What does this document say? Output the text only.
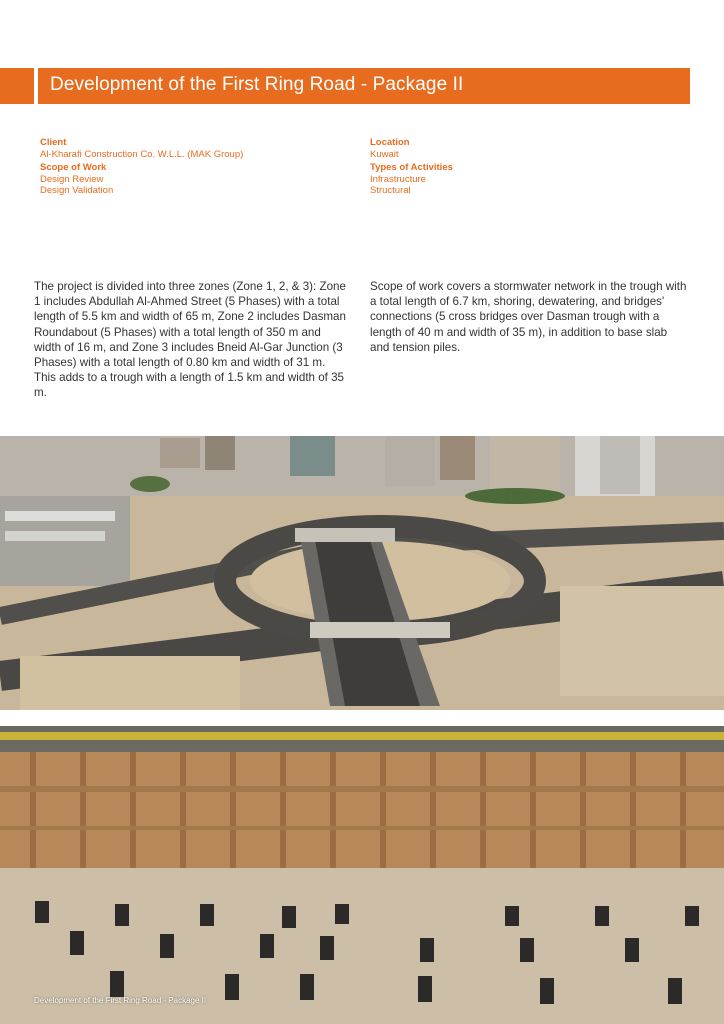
Development of the First Ring Road - Package II
Client
Al-Kharafi Construction Co. W.L.L. (MAK Group)
Scope of Work
Design Review
Design Validation
Location
Kuwait
Types of Activities
Infrastructure
Structural
The project is divided into three zones (Zone 1, 2, & 3): Zone 1 includes Abdullah Al-Ahmed Street (5 Phases) with a total length of 5.5 km and width of 65 m, Zone 2 includes Dasman Roundabout (5 Phases) with a total length of 350 m and width of 16 m, and Zone 3 includes Bneid Al-Gar Junction (3 Phases) with a total length of 0.80 km and width of 31 m. This adds to a trough with a length of 1.5 km and width of 35 m.
Scope of work covers a stormwater network in the trough with a total length of 6.7 km, shoring, dewatering, and bridges' connections (5 cross bridges over Dasman trough with a length of 40 m and width of 35 m), in addition to base slab and tension piles.
Development of the First Ring Road - Package II
